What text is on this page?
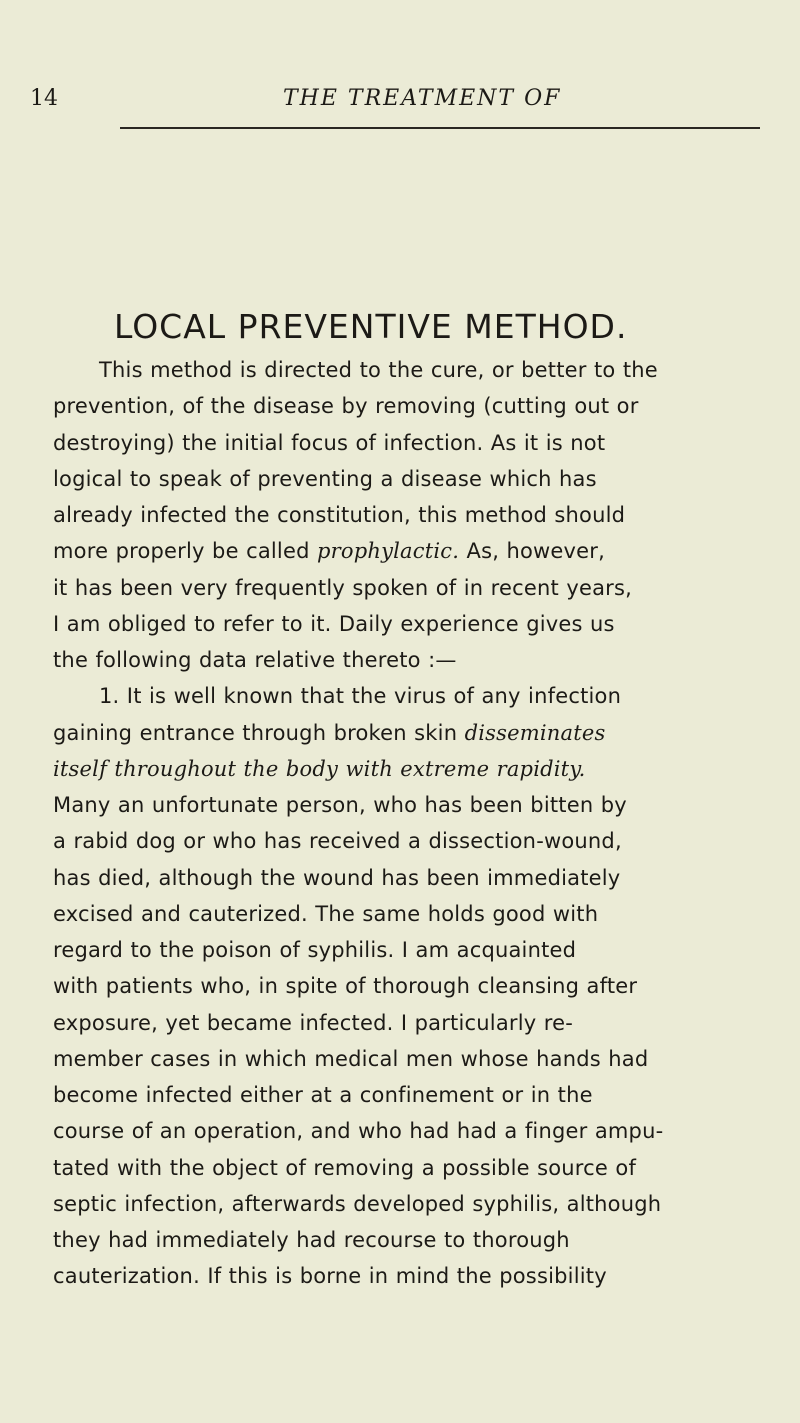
14	THE TREATMENT OF
LOCAL PREVENTIVE METHOD.
This method is directed to the cure, or better to the
prevention, of the disease by removing (cutting out or
destroying) the initial focus of infection. As it is not
logical to speak of preventing a disease which has
already infected the constitution, this method should
more properly be called prophylactic. As, however,
it has been very frequently spoken of in recent years,
I am obliged to refer to it. Daily experience gives us
the following data relative thereto :—
1. It is well known that the virus of any infection
gaining entrance through broken skin disseminates
itself throughout the body with extreme rapidity.
Many an unfortunate person, who has been bitten by
a rabid dog or who has received a dissection-wound,
has died, although the wound has been immediately
excised and cauterized. The same holds good with
regard to the poison of syphilis. I am acquainted
with patients who, in spite of thorough cleansing after
exposure, yet became infected. I particularly re-
member cases in which medical men whose hands had
become infected either at a confinement or in the
course of an operation, and who had had a finger ampu-
tated with the object of removing a possible source of
septic infection, afterwards developed syphilis, although
they had immediately had recourse to thorough
cauterization. If this is borne in mind the possibility
